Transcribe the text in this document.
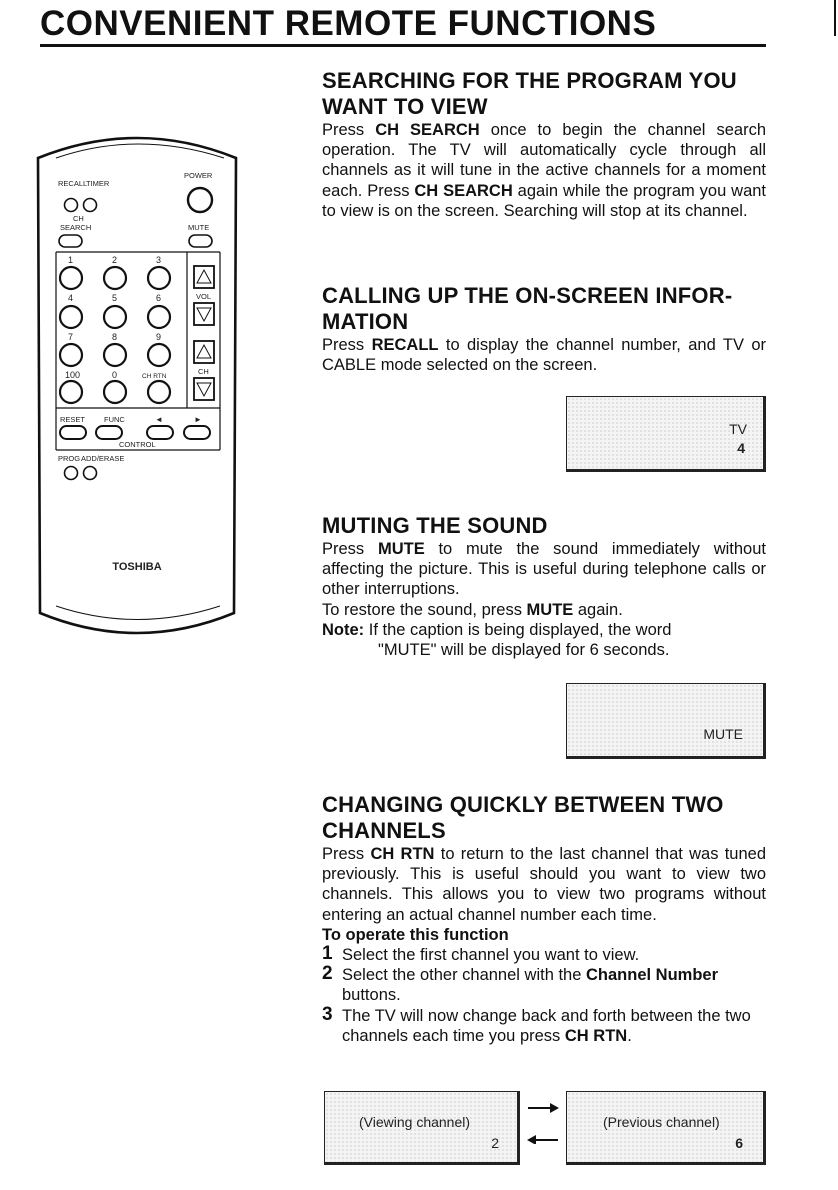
CONVENIENT REMOTE FUNCTIONS
RECALL
TIMER
POWER
CH
SEARCH	MUTE
1	2	3
4	5	6
7	8	9
100	0	CH RTN
VOL
CH
RESET	FUNC	◄	►
CONTROL
PROG ADD/ERASE
TOSHIBA
SEARCHING FOR THE PROGRAM YOU WANT TO VIEW

Press CH SEARCH once to begin the channel search operation. The TV will automatically cycle through all channels as it will tune in the active channels for a moment each. Press CH SEARCH again while the program you want to view is on the screen. Searching will stop at its channel.

CALLING UP THE ON-SCREEN INFOR-MATION

Press RECALL to display the channel number, and TV or CABLE mode selected on the screen.

TV
4
MUTING THE SOUND

Press MUTE to mute the sound immediately without affecting the picture. This is useful during telephone calls or other interruptions.

To restore the sound, press MUTE again.

Note: If the caption is being displayed, the word

"MUTE" will be displayed for 6 seconds.

MUTE
CHANGING QUICKLY BETWEEN TWO CHANNELS

Press CH RTN to return to the last channel that was tuned previously. This is useful should you want to view two channels. This allows you to view two programs without entering an actual channel number each time.

To operate this function

1 Select the first channel you want to view.
2 Select the other channel with the Channel Number buttons.
3 The TV will now change back and forth between the two channels each time you press CH RTN.
(Viewing channel)
2
(Previous channel)
6
